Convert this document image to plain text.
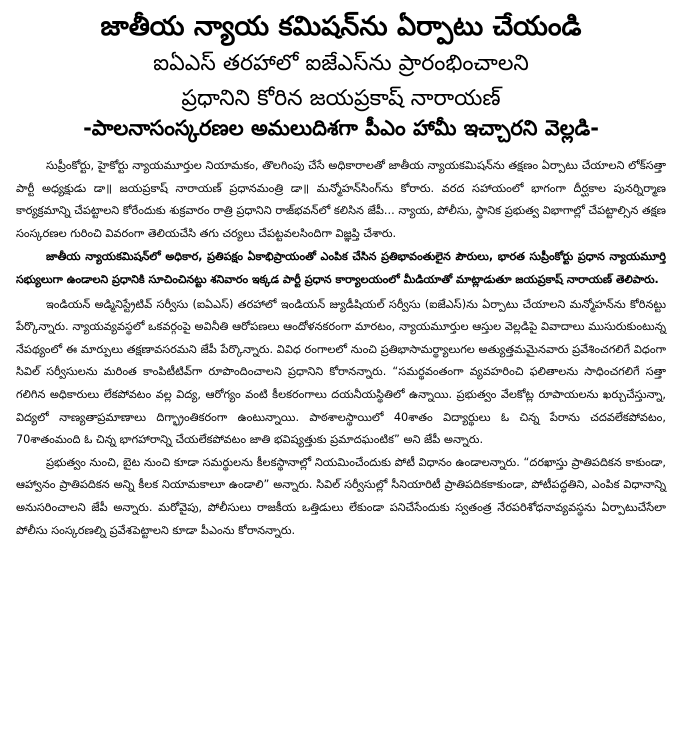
జాతీయ న్యాయ కమిషన్‌ను ఏర్పాటు చేయండి
ఐఏఎస్ తరహాలో ఐజేఎస్‌ను ప్రారంభించాలని
ప్రధానిని కోరిన జయప్రకాష్ నారాయణ్
-పాలనాసంస్కరణల అమలుదిశగా పీఎం హామీ ఇచ్చారని వెల్లడి-

సుప్రీంకోర్టు, హైకోర్టు న్యాయమూర్తుల నియామకం, తొలగింపు చేసే అధికారాలతో జాతీయ న్యాయకమిషన్‌ను తక్షణం ఏర్పాటు చేయాలని లోక్‌సత్తా పార్టీ అధ్యక్షుడు డా॥ జయప్రకాష్ నారాయణ్ ప్రధానమంత్రి డా॥ మన్మోహన్‌సింగ్‌ను కోరారు. వరద సహాయంలో భాగంగా దీర్ఘకాల పునర్నిర్మాణ కార్యక్రమాన్ని చేపట్టాలని కోరేందుకు శుక్రవారం రాత్రి ప్రధానిని రాజ్‌భవన్‌లో కలిసిన జేపీ... న్యాయ, పోలీసు, స్థానిక ప్రభుత్వ విభాగాల్లో చేపట్టాల్సిన తక్షణ సంస్కరణల గురించి వివరంగా తెలియచేసి తగు చర్యలు చేపట్టవలసిందిగా విజ్ఞప్తి చేశారు.

జాతీయ న్యాయకమిషన్‌లో అధికార, ప్రతిపక్షం ఏకాభిప్రాయంతో ఎంపిక చేసిన ప్రతిభావంతులైన పౌరులు, భారత సుప్రీంకోర్టు ప్రధాన న్యాయమూర్తి సభ్యులుగా ఉండాలని ప్రధానికి సూచించినట్టు శనివారం ఇక్కడ పార్టీ ప్రధాన కార్యాలయంలో మీడియాతో మాట్లాడుతూ జయప్రకాష్ నారాయణ్ తెలిపారు.

ఇండియన్ అడ్మినిస్ట్రేటివ్ సర్వీసు (ఐఏఎస్) తరహాలో ఇండియన్ జ్యుడీషియల్ సర్వీసు (ఐజేఎస్)ను ఏర్పాటు చేయాలని మన్మోహన్‌ను కోరినట్టు పేర్కొన్నారు. న్యాయవ్యవస్థలో ఒకవర్గంపై అవినీతి ఆరోపణలు ఆందోళనకరంగా మారటం, న్యాయమూర్తుల ఆస్తుల వెల్లడిపై వివాదాలు ముసురుకుంటున్న నేపథ్యంలో ఈ మార్పులు తక్షణావసరమని జేపీ పేర్కొన్నారు. వివిధ రంగాలలో నుంచి ప్రతిభాసామర్థ్యాలుగల అత్యుత్తమమైనవారు ప్రవేశించగలిగే విధంగా సివిల్ సర్వీసులను మరింత కాంపిటీటివ్‌గా రూపొందించాలని ప్రధానిని కోరానన్నారు. “సమర్థవంతంగా వ్యవహరించి ఫలితాలను సాధించగలిగే సత్తా గలిగిన అధికారులు లేకపోవటం వల్ల విద్య, ఆరోగ్యం వంటి కీలకరంగాలు దయనీయస్థితిలో ఉన్నాయి. ప్రభుత్వం వేలకోట్ల రూపాయలను ఖర్చుచేస్తున్నా, విద్యలో నాణ్యతాప్రమాణాలు దిగ్భ్రాంతికరంగా ఉంటున్నాయి. పాఠశాలస్థాయిలో 40శాతం విద్యార్థులు ఓ చిన్న పేరాను చదవలేకపోవటం, 70శాతంమంది ఓ చిన్న భాగహారాన్ని చేయలేకపోవటం జాతి భవిష్యత్తుకు ప్రమాదఘంటిక” అని జేపీ అన్నారు.

ప్రభుత్వం నుంచి, బైట నుంచి కూడా సమర్థులను కీలకస్థానాల్లో నియమించేందుకు పోటీ విధానం ఉండాలన్నారు. “దరఖాస్తు ప్రాతిపదికన కాకుండా, ఆహ్వానం ప్రాతిపదికన అన్ని కీలక నియామకాలూ ఉండాలి” అన్నారు. సివిల్ సర్వీసుల్లో సీనియారిటీ ప్రాతిపదికకాకుండా, పోటీపద్ధతిని, ఎంపిక విధానాన్ని అనుసరించాలని జేపీ అన్నారు. మరోవైపు, పోలీసులు రాజకీయ ఒత్తిడులు లేకుండా పనిచేసేందుకు స్వతంత్ర నేరపరిశోధనావ్యవస్థను ఏర్పాటుచేసేలా పోలీసు సంస్కరణల్ని ప్రవేశపెట్టాలని కూడా పీఎంను కోరానన్నారు.
